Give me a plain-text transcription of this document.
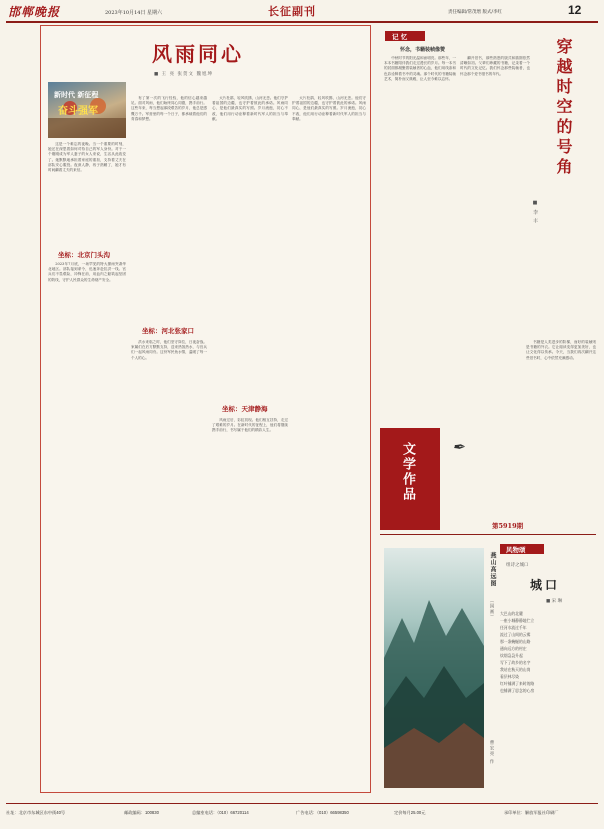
邯郸晚报	2023年10月14日 星期六	长征副刊	责任编辑/常茂增 版式/李红	12
风雨同心
■ 王 亮 张贺文 魏旭坤
新时代 新征程
奋斗强军

这是一个难忘的夜晚。当一个重要的时刻，她还在深思着如何对待自己的军人身份。对于一个刚刚成为军人妻子的女人来说，生活从此改变了。她默默地承担着家庭的重担，支持着丈夫在部队安心服役。夜深人静，孩子熟睡了，她才有时间翻看丈夫的来信。

坐标：北京门头沟

2023年7月底，一场罕见的特大暴雨突袭华北地区。部队接到命令，迅速奔赴抗洪一线。官兵们不畏艰险，冲锋在前，用血肉之躯筑起坚固的防线，守护人民群众的生命财产安全。

有了第一次的飞行经验，他的信心越来越足。面对风雨，他们始终同心同德，携手前行。这些年来，每当想起那段艰苦的岁月，他总是感慨万千。军营里的每一个日子，都承载着他们的青春和梦想。

坐标：河北张家口

洪水来临之时，他们坚守岗位，日夜奋战。家属们在后方默默支持，送来热饭热水，与官兵们一起风雨同舟。这份军民鱼水情，温暖了每一个人的心。

大片杜鹃，轻风吹拂，山河无恙。他们守护着祖国的边疆，也守护着彼此的承诺。风雨同心，是他们最真实的写照。岁月流逝，初心不改，他们用行动诠释着新时代军人的担当与奉献。

坐标：天津静海

风雨过后，彩虹初现。他们相互扶持，走过了艰难的岁月。在新时代的征程上，他们将继续携手前行，书写属于他们的精彩人生。

大片杜鹃，轻风吹拂，山河无恙。他们守护着祖国的边疆，也守护着彼此的承诺。风雨同心，是他们最真实的写照。岁月流逝，初心不改，他们用行动诠释着新时代军人的担当与奉献。

记 忆
怀念，书籍装帧像赞

中秋时节的阳光温和而明亮。那些年，一本本书籍陪伴我们走过漫长的岁月。每一本书的封面都凝聚着装帧者的心血，他们用线条和色彩诠释着书中的灵魂。那个时代的书籍装帧艺术，简朴而又典雅，让人至今难以忘怀。

翻开旧书，那些熟悉的版式和插图依然清晰如初。父辈们珍藏的书籍，记录着一个时代的文化记忆。我们怀念那些装帧者，也怀念那个爱书惜书的年代。

书籍是人类进步的阶梯，而好的装帧则是书籍的外衣。它让阅读变得更加美好，也让文化得以传承。今天，当我们再次翻开这些旧书时，心中依然充满感动。

穿越时空的号角
■ 李 丰
文学作品 ✒
第5919期
燕山高远图
（国画）
曹宏亮 作
风物颂
组诗之城口
城口
■ 宋 琳
大巴山的北麓
一座小城静静地伫立
任河水流过千年
流过了山间的云雾
那一条蜿蜒的山路
通向远方的村庄
炊烟袅袅升起
写下了故乡的名字
我站在秋天的山岗
看层林尽染
红叶铺满了来时的路
也铺满了思念的心房
社址：北京市东城区东中街40号	邮政编码：100830	总编室电话：（010）66720114	广告电话：（010）66598350	定价每月25.00元	承印单位：解放军报社印刷厂
